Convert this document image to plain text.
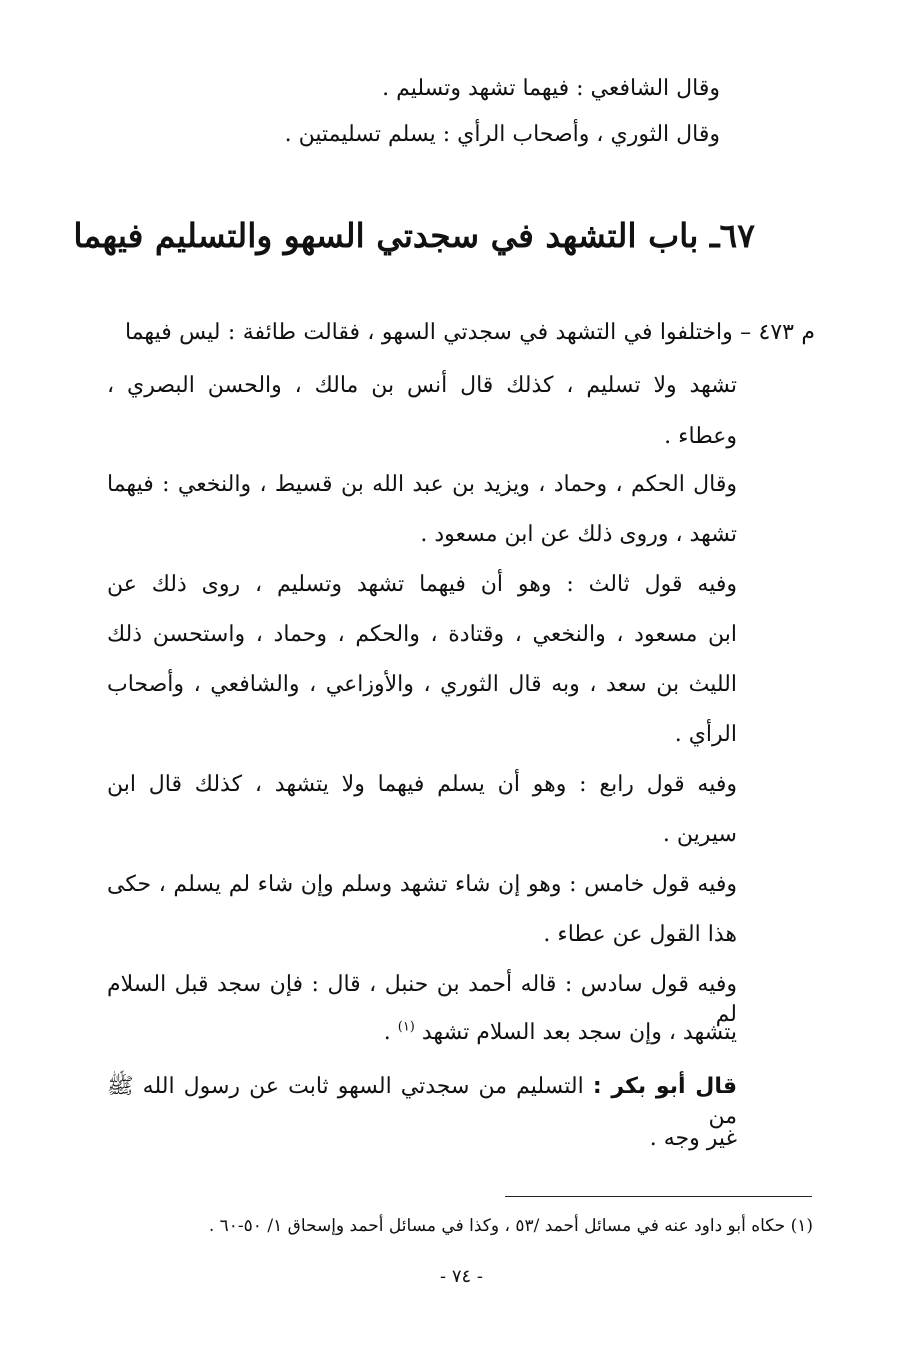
وقال الشافعي : فيهما تشهد وتسليم .
وقال الثوري ، وأصحاب الرأي : يسلم تسليمتين .
٦٧ـ باب التشهد في سجدتي السهو والتسليم فيهما
م ٤٧٣ – واختلفوا في التشهد في سجدتي السهو ، فقالت طائفة : ليس فيهما
تشهد ولا تسليم ، كذلك قال أنس بن مالك ، والحسن البصري ،
وعطاء .
وقال الحكم ، وحماد ، ويزيد بن عبد الله بن قسيط ، والنخعي : فيهما
تشهد ، وروى ذلك عن ابن مسعود .
وفيه قول ثالث : وهو أن فيهما تشهد وتسليم ، روى ذلك عن
ابن مسعود ، والنخعي ، وقتادة ، والحكم ، وحماد ، واستحسن ذلك
الليث بن سعد ، وبه قال الثوري ، والأوزاعي ، والشافعي ، وأصحاب
الرأي .
وفيه قول رابع : وهو أن يسلم فيهما ولا يتشهد ، كذلك قال ابن
سيرين .
وفيه قول خامس : وهو إن شاء تشهد وسلم وإن شاء لم يسلم ، حكى
هذا القول عن عطاء .
وفيه قول سادس : قاله أحمد بن حنبل ، قال : فإن سجد قبل السلام لم
يتشهد ، وإن سجد بعد السلام تشهد $^{(١)}$ .
قال أبو بكر : التسليم من سجدتي السهو ثابت عن رسول الله ﷺ من
غير وجه .
(١) حكاه أبو داود عنه في مسائل أحمد /٥٣ ، وكذا في مسائل أحمد وإسحاق ١/ ٥٠-٦٠ .
- ٧٤ -
